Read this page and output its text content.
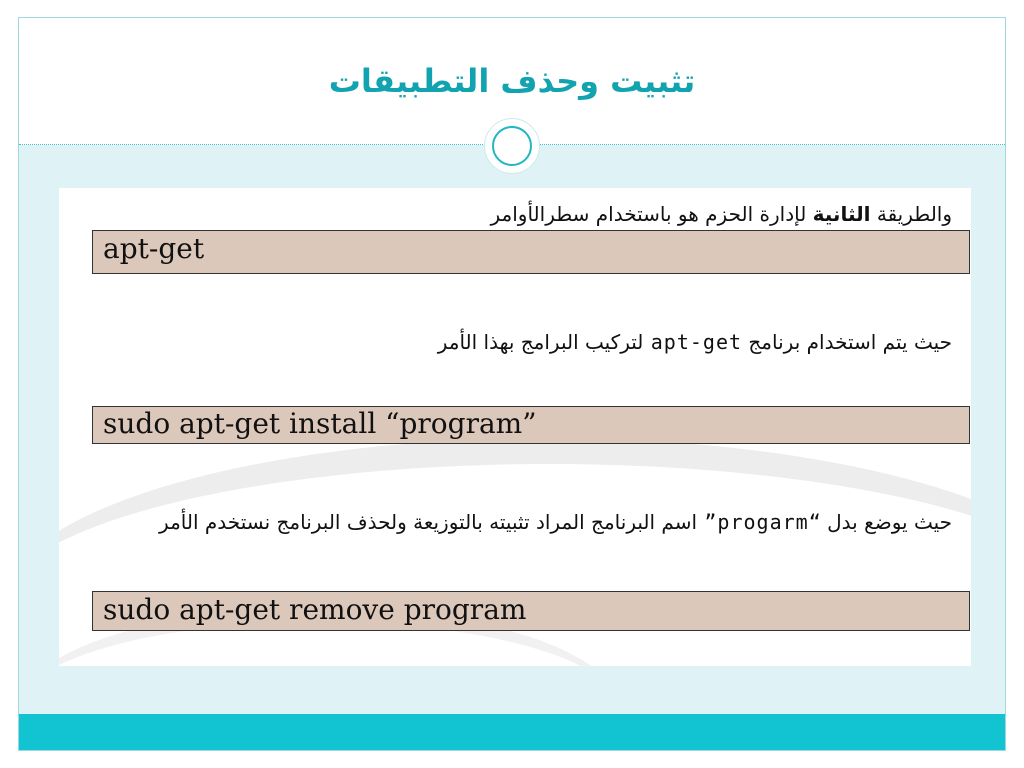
تثبيت وحذف التطبيقات
والطريقة الثانية لإدارة الحزم هو باستخدام سطرالأوامر
apt-get
حيث يتم استخدام برنامج apt-get لتركيب البرامج بهذا الأمر
sudo apt-get install “program”
حيث يوضع بدل “progarm” اسم البرنامج المراد تثبيته بالتوزيعة ولحذف البرنامج نستخدم الأمر
sudo apt-get remove program
